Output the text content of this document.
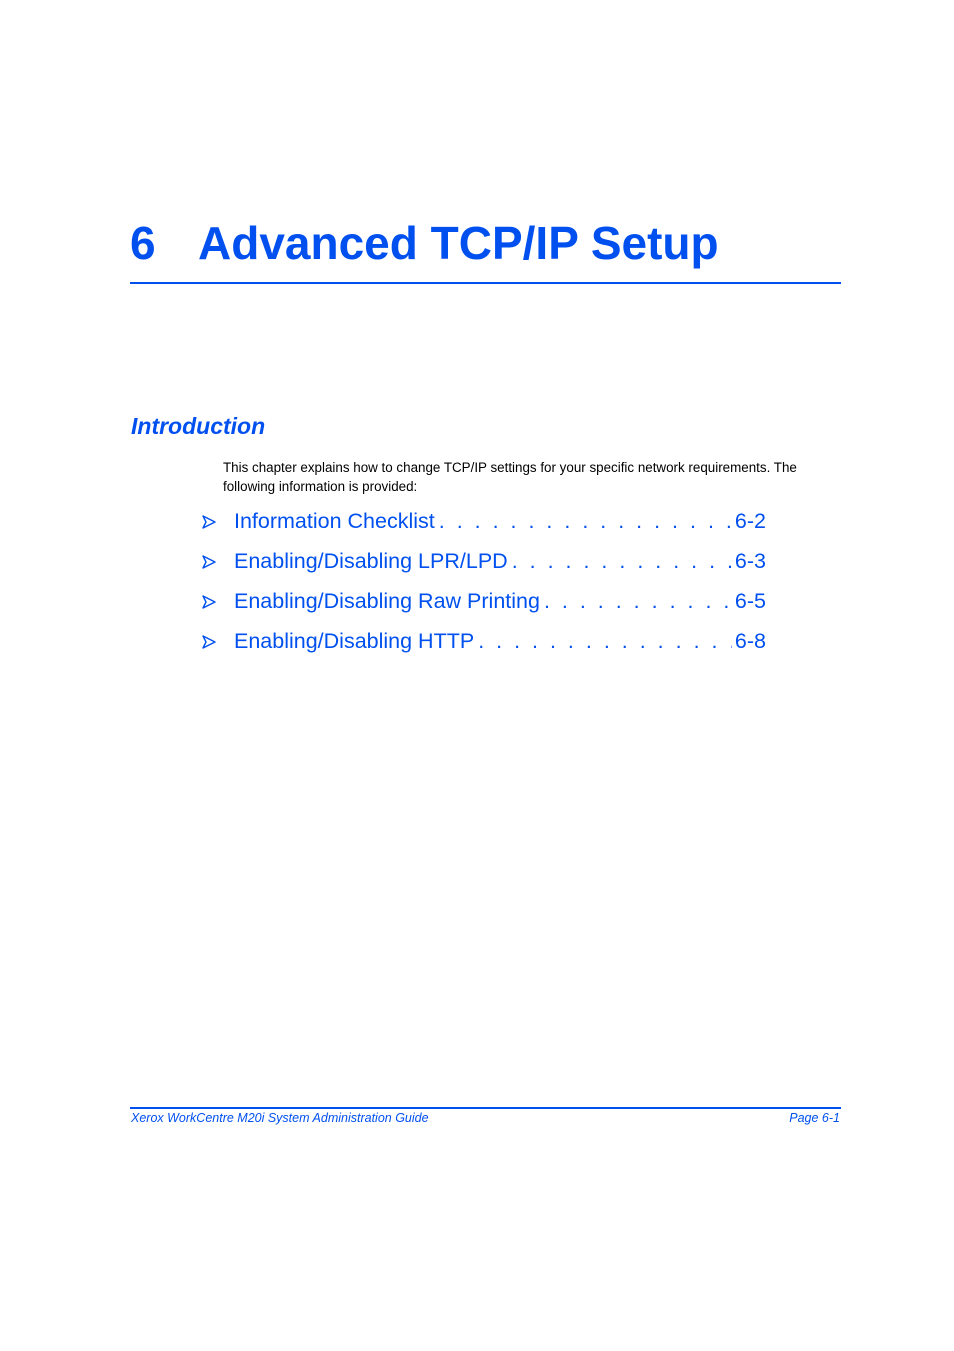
6 Advanced TCP/IP Setup
Introduction

This chapter explains how to change TCP/IP settings for your specific network requirements. The following information is provided:

Information Checklist . . .	6-2
Enabling/Disabling LPR/LPD . . .	6-3
Enabling/Disabling Raw Printing . . .	6-5
Enabling/Disabling HTTP . . .	6-8
Xerox WorkCentre M20i System Administration Guide	Page 6-1
